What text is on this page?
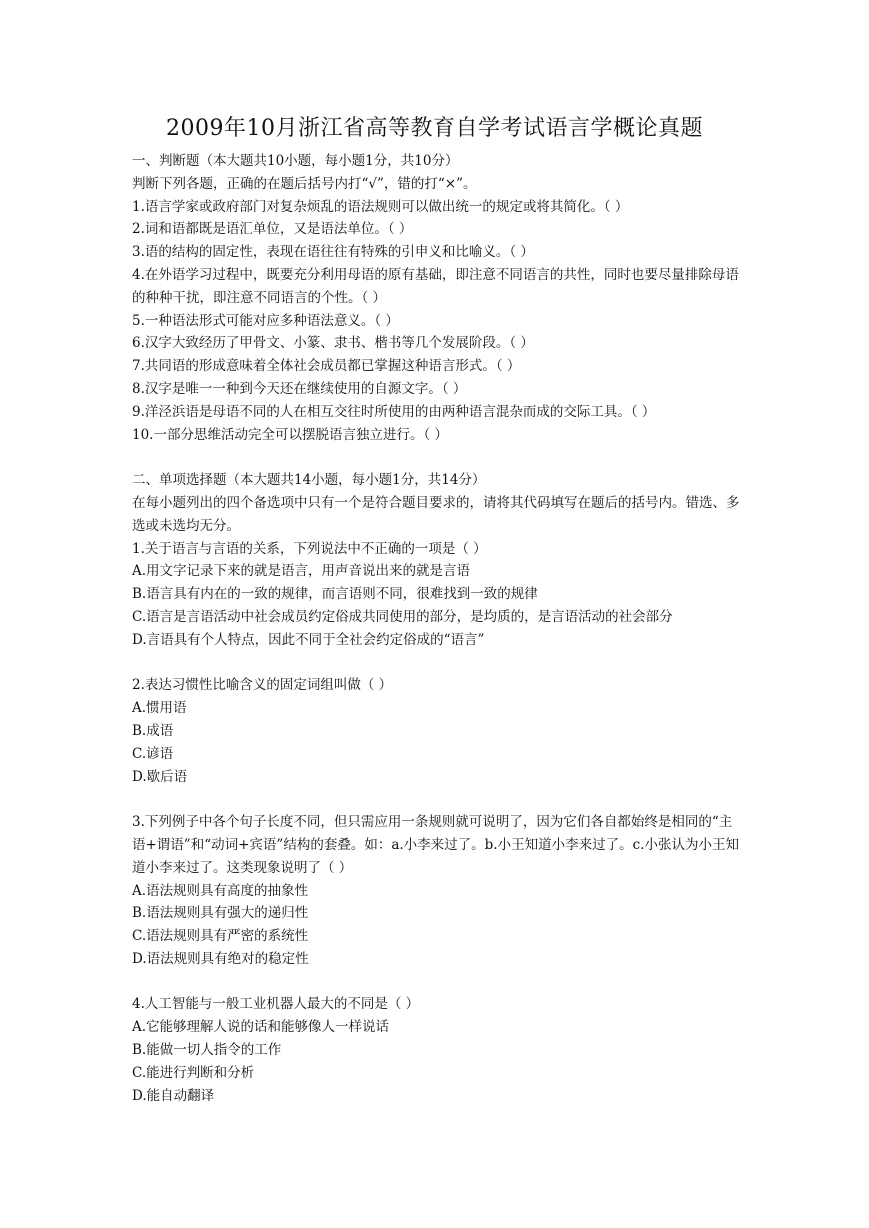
2009年10月浙江省高等教育自学考试语言学概论真题
一、判断题（本大题共10小题，每小题1分，共10分）
判断下列各题，正确的在题后括号内打“√”，错的打“×”。
1.语言学家或政府部门对复杂烦乱的语法规则可以做出统一的规定或将其简化。（ ）
2.词和语都既是语汇单位，又是语法单位。（ ）
3.语的结构的固定性，表现在语往往有特殊的引申义和比喻义。（ ）
4.在外语学习过程中，既要充分利用母语的原有基础，即注意不同语言的共性，同时也要尽量排除母语的种种干扰，即注意不同语言的个性。（ ）
5.一种语法形式可能对应多种语法意义。（ ）
6.汉字大致经历了甲骨文、小篆、隶书、楷书等几个发展阶段。（ ）
7.共同语的形成意味着全体社会成员都已掌握这种语言形式。（ ）
8.汉字是唯一一种到今天还在继续使用的自源文字。（ ）
9.洋泾浜语是母语不同的人在相互交往时所使用的由两种语言混杂而成的交际工具。（ ）
10.一部分思维活动完全可以摆脱语言独立进行。（ ）
二、单项选择题（本大题共14小题，每小题1分，共14分）
在每小题列出的四个备选项中只有一个是符合题目要求的，请将其代码填写在题后的括号内。错选、多选或未选均无分。
1.关于语言与言语的关系，下列说法中不正确的一项是（ ）
A.用文字记录下来的就是语言，用声音说出来的就是言语
B.语言具有内在的一致的规律，而言语则不同，很难找到一致的规律
C.语言是言语活动中社会成员约定俗成共同使用的部分，是均质的，是言语活动的社会部分
D.言语具有个人特点，因此不同于全社会约定俗成的“语言”
2.表达习惯性比喻含义的固定词组叫做（ ）
A.惯用语
B.成语
C.谚语
D.歇后语
3.下列例子中各个句子长度不同，但只需应用一条规则就可说明了，因为它们各自都始终是相同的“主语+谓语”和“动词+宾语”结构的套叠。如：a.小李来过了。b.小王知道小李来过了。c.小张认为小王知道小李来过了。这类现象说明了（ ）
A.语法规则具有高度的抽象性
B.语法规则具有强大的递归性
C.语法规则具有严密的系统性
D.语法规则具有绝对的稳定性
4.人工智能与一般工业机器人最大的不同是（ ）
A.它能够理解人说的话和能够像人一样说话
B.能做一切人指令的工作
C.能进行判断和分析
D.能自动翻译
